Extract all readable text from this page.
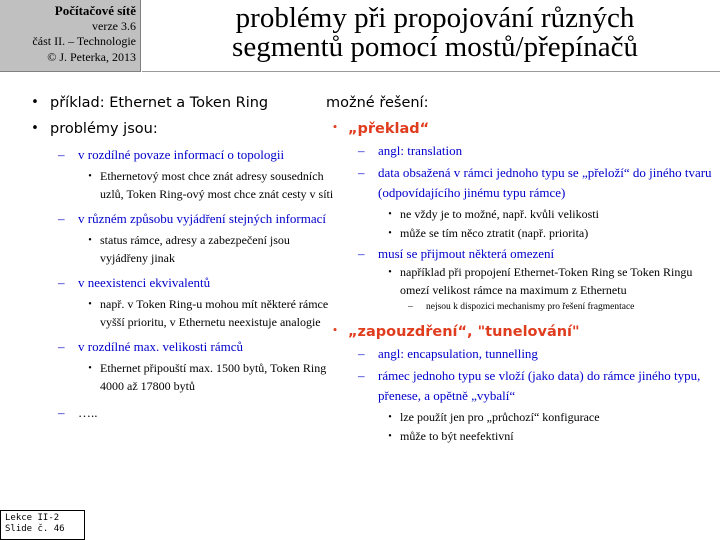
Počítačové sítě
verze 3.6
část II. – Technologie
© J. Peterka, 2013
problémy při propojování různých
segmentů pomocí mostů/přepínačů
• příklad: Ethernet a Token Ring
• problémy jsou:
–	v rozdílné povaze informací o topologii
• Ethernetový most chce znát adresy sousedních uzlů, Token Ring-ový most chce znát cesty v síti
–	v různém způsobu vyjádření stejných informací
• status rámce, adresy a zabezpečení jsou vyjádřeny jinak
–	v neexistenci ekvivalentů
• např. v Token Ring-u mohou mít některé rámce vyšší prioritu, v Ethernetu neexistuje analogie
–	v rozdílné max. velikosti rámců
• Ethernet připouští max. 1500 bytů, Token Ring 4000 až 17800 bytů
–	…..
možné řešení:
• „překlad“
–	angl: translation
–	data obsažená v rámci jednoho typu se „přeloží“ do jiného tvaru (odpovídajícího jinému typu rámce)
• ne vždy je to možné, např. kvůli velikosti
• může se tím něco ztratit (např. priorita)
–	musí se přijmout některá omezení
• například při propojení Ethernet-Token Ring se Token Ringu omezí velikost rámce na maximum z Ethernetu
–	nejsou k dispozici mechanismy pro řešení fragmentace
• „zapouzdření“, "tunelování"
–	angl: encapsulation, tunnelling
–	rámec jednoho typu se vloží (jako data) do rámce jiného typu, přenese, a opětně „vybalí“
• lze použít jen pro „průchozí“ konfigurace
• může to být neefektivní
Lekce II-2
Slide č. 46
